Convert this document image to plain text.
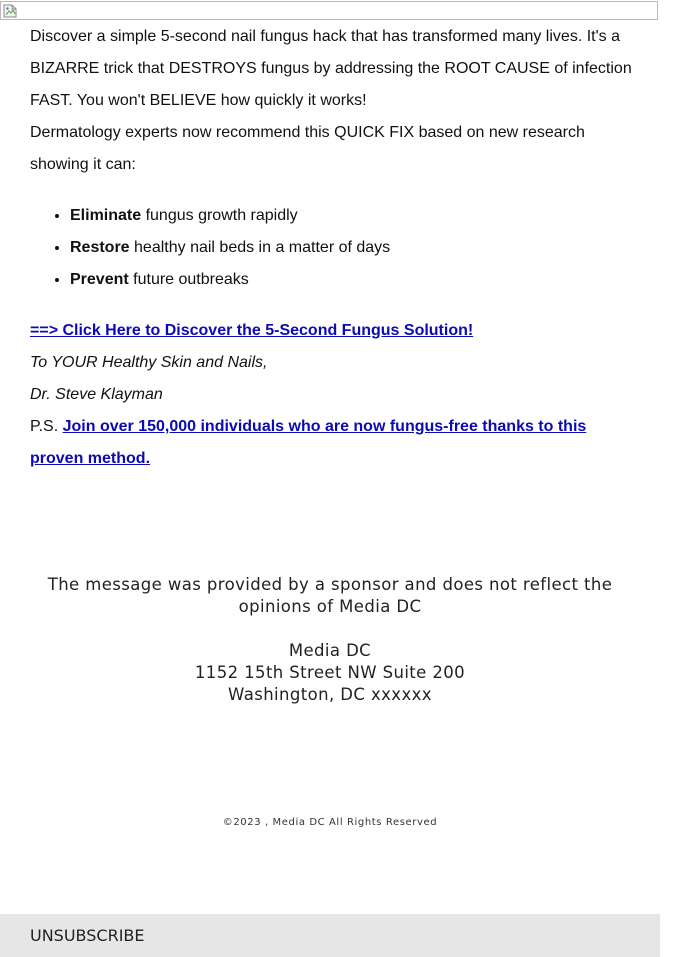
Discover a simple 5-second nail fungus hack that has transformed many lives. It's a BIZARRE trick that DESTROYS fungus by addressing the ROOT CAUSE of infection FAST. You won't BELIEVE how quickly it works!

Dermatology experts now recommend this QUICK FIX based on new research showing it can:

• Eliminate fungus growth rapidly
• Restore healthy nail beds in a matter of days
• Prevent future outbreaks

==> Click Here to Discover the 5-Second Fungus Solution!

To YOUR Healthy Skin and Nails,

Dr. Steve Klayman

P.S. Join over 150,000 individuals who are now fungus-free thanks to this proven method.

The message was provided by a sponsor and does not reflect the opinions of Media DC
Media DC
1152 15th Street NW Suite 200
Washington, DC xxxxxx
©2023 , Media DC All Rights Reserved
UNSUBSCRIBE
